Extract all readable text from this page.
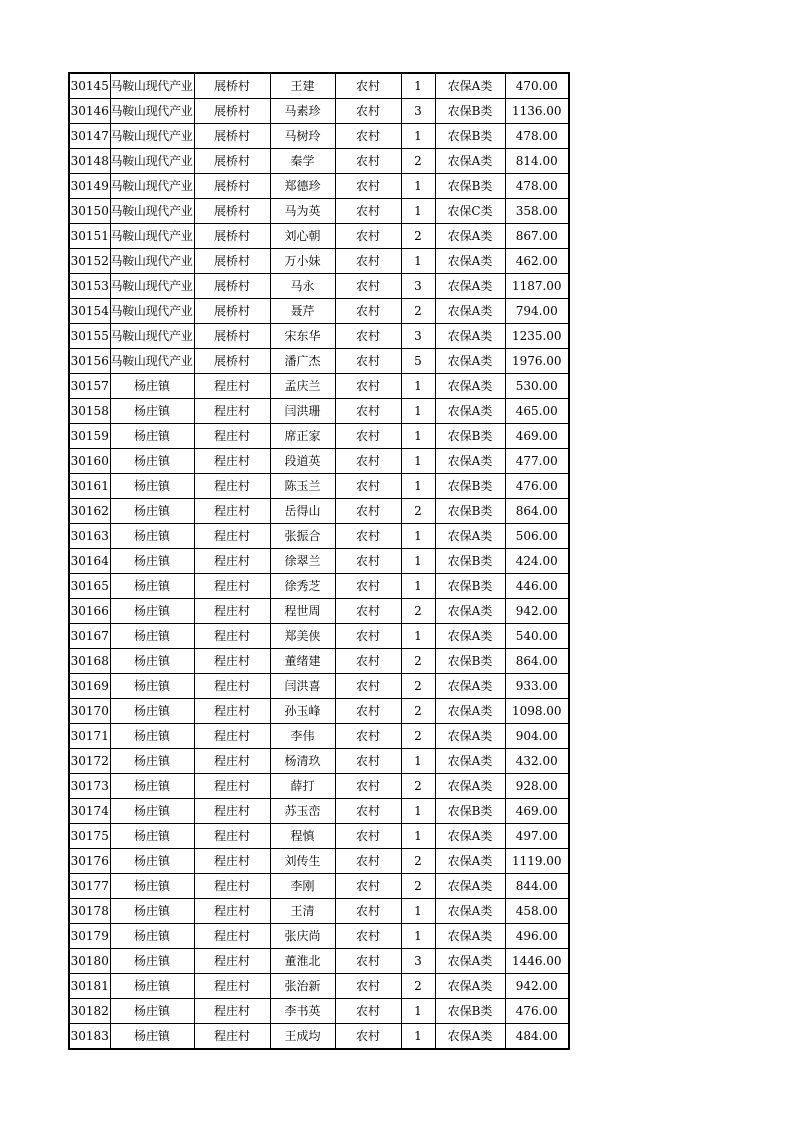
30145	马鞍山现代产业	展桥村	王建	农村	1	农保A类	470.00
30146	马鞍山现代产业	展桥村	马素珍	农村	3	农保B类	1136.00
30147	马鞍山现代产业	展桥村	马树玲	农村	1	农保B类	478.00
30148	马鞍山现代产业	展桥村	秦学	农村	2	农保A类	814.00
30149	马鞍山现代产业	展桥村	郑德珍	农村	1	农保B类	478.00
30150	马鞍山现代产业	展桥村	马为英	农村	1	农保C类	358.00
30151	马鞍山现代产业	展桥村	刘心朝	农村	2	农保A类	867.00
30152	马鞍山现代产业	展桥村	万小妹	农村	1	农保A类	462.00
30153	马鞍山现代产业	展桥村	马永	农村	3	农保A类	1187.00
30154	马鞍山现代产业	展桥村	聂芹	农村	2	农保A类	794.00
30155	马鞍山现代产业	展桥村	宋东华	农村	3	农保A类	1235.00
30156	马鞍山现代产业	展桥村	潘广杰	农村	5	农保A类	1976.00
30157	杨庄镇	程庄村	孟庆兰	农村	1	农保A类	530.00
30158	杨庄镇	程庄村	闫洪珊	农村	1	农保A类	465.00
30159	杨庄镇	程庄村	席正家	农村	1	农保B类	469.00
30160	杨庄镇	程庄村	段道英	农村	1	农保A类	477.00
30161	杨庄镇	程庄村	陈玉兰	农村	1	农保B类	476.00
30162	杨庄镇	程庄村	岳得山	农村	2	农保B类	864.00
30163	杨庄镇	程庄村	张振合	农村	1	农保A类	506.00
30164	杨庄镇	程庄村	徐翠兰	农村	1	农保B类	424.00
30165	杨庄镇	程庄村	徐秀芝	农村	1	农保B类	446.00
30166	杨庄镇	程庄村	程世周	农村	2	农保A类	942.00
30167	杨庄镇	程庄村	郑美侠	农村	1	农保A类	540.00
30168	杨庄镇	程庄村	董绪建	农村	2	农保B类	864.00
30169	杨庄镇	程庄村	闫洪喜	农村	2	农保A类	933.00
30170	杨庄镇	程庄村	孙玉峰	农村	2	农保A类	1098.00
30171	杨庄镇	程庄村	李伟	农村	2	农保A类	904.00
30172	杨庄镇	程庄村	杨清玖	农村	1	农保A类	432.00
30173	杨庄镇	程庄村	薛打	农村	2	农保A类	928.00
30174	杨庄镇	程庄村	苏玉峦	农村	1	农保B类	469.00
30175	杨庄镇	程庄村	程慎	农村	1	农保A类	497.00
30176	杨庄镇	程庄村	刘传生	农村	2	农保A类	1119.00
30177	杨庄镇	程庄村	李刚	农村	2	农保A类	844.00
30178	杨庄镇	程庄村	王清	农村	1	农保A类	458.00
30179	杨庄镇	程庄村	张庆尚	农村	1	农保A类	496.00
30180	杨庄镇	程庄村	董淮北	农村	3	农保A类	1446.00
30181	杨庄镇	程庄村	张治新	农村	2	农保A类	942.00
30182	杨庄镇	程庄村	李书英	农村	1	农保B类	476.00
30183	杨庄镇	程庄村	王成均	农村	1	农保A类	484.00
